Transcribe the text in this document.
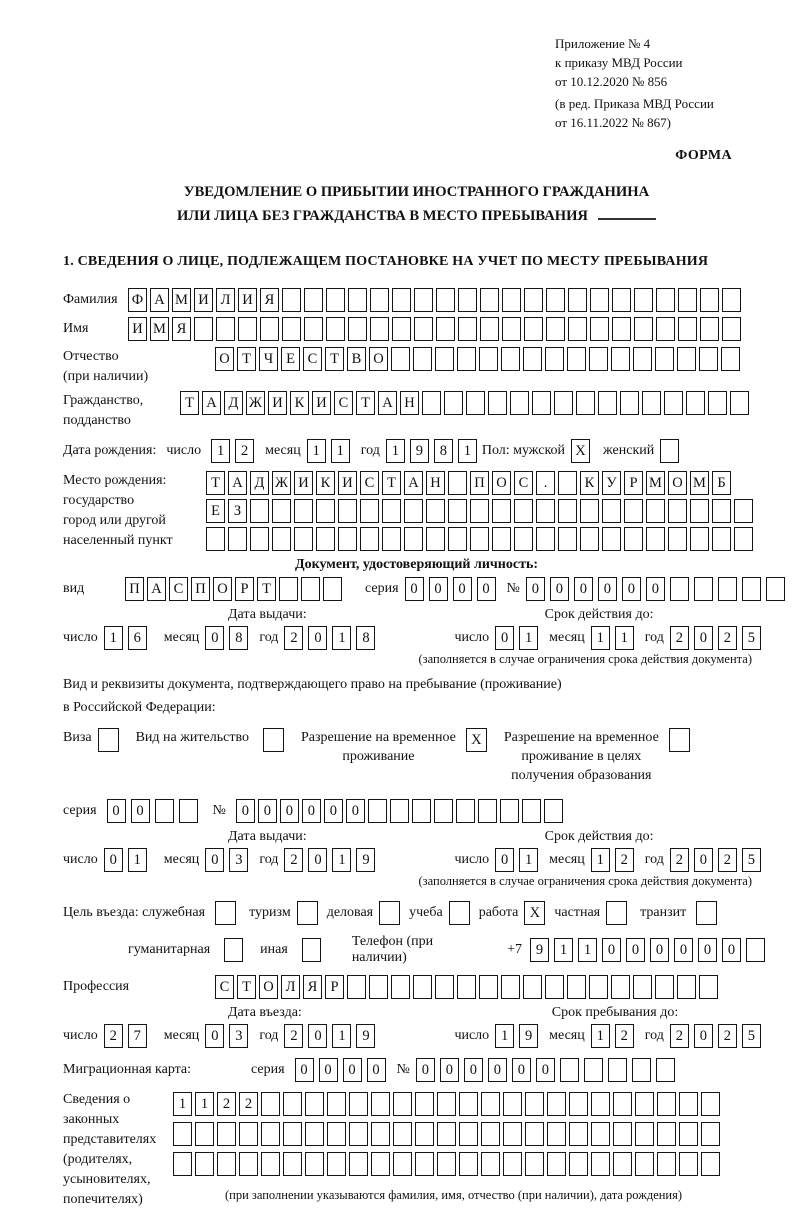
Приложение № 4
к приказу МВД России
от 10.12.2020 № 856
(в ред. Приказа МВД России
от 16.11.2022 № 867)
ФОРМА
УВЕДОМЛЕНИЕ О ПРИБЫТИИ ИНОСТРАННОГО ГРАЖДАНИНА
ИЛИ ЛИЦА БЕЗ ГРАЖДАНСТВА В МЕСТО ПРЕБЫВАНИЯ
1. СВЕДЕНИЯ О ЛИЦЕ, ПОДЛЕЖАЩЕМ ПОСТАНОВКЕ НА УЧЕТ ПО МЕСТУ ПРЕБЫВАНИЯ
Фамилия Ф А М И Л И Я
Имя	И М Я
Отчество
(при наличии)
О Т Ч Е С Т В О
Гражданство,
подданство
Т А Д Ж И К И С Т А Н
Дата рождения: число	1	2	месяц 1	1	год 1	9	8	1 Пол: мужской X	женский
Место рождения:
государство
город или другой
населенный пункт
Т А Д Ж И К И С Т А Н П О С	.	К У Р М О М Б
Е З
Документ, удостоверяющий личность:
вид	П А С П О Р Т	серия 0	0	0	0	№ 0	0	0	0	0	0
Дата выдачи:	Срок действия до:
число 1	6	месяц 0	8	год 2	0	1	8	число 0	1	месяц 1	1	год 2	0	2	5
(заполняется в случае ограничения срока действия документа)
Вид и реквизиты документа, подтверждающего право на пребывание (проживание)
в Российской Федерации:
Виза	Вид на жительство	Разрешение на временное
проживание
X	Разрешение на временное
проживание в целях
получения образования
серия	0	0	№	0	0	0	0	0	0
Дата выдачи:	Срок действия до:
число 0	1	месяц 0	3	год 2	0	1	9	число 0	1	месяц 1	2	год 2	0	2	5
(заполняется в случае ограничения срока действия документа)
Цель въезда: служебная	туризм	деловая	учеба	работа X	частная	транзит
гуманитарная	иная
Телефон (при наличии)
+7 9	1	1	0	0	0	0	0	0
Профессия	С Т О Л Я Р
Дата въезда:	Срок пребывания до:
число 2	7	месяц 0	3	год 2	0	1	9	число 1	9	месяц 1	2	год 2	0	2	5
Миграционная карта:	серия	0	0	0	0	№ 0	0	0	0	0	0
Сведения о
законных
представителях
(родителях,
усыновителях,
попечителях)
1	1	2	2
(при заполнении указываются фамилия, имя, отчество (при наличии), дата рождения)
